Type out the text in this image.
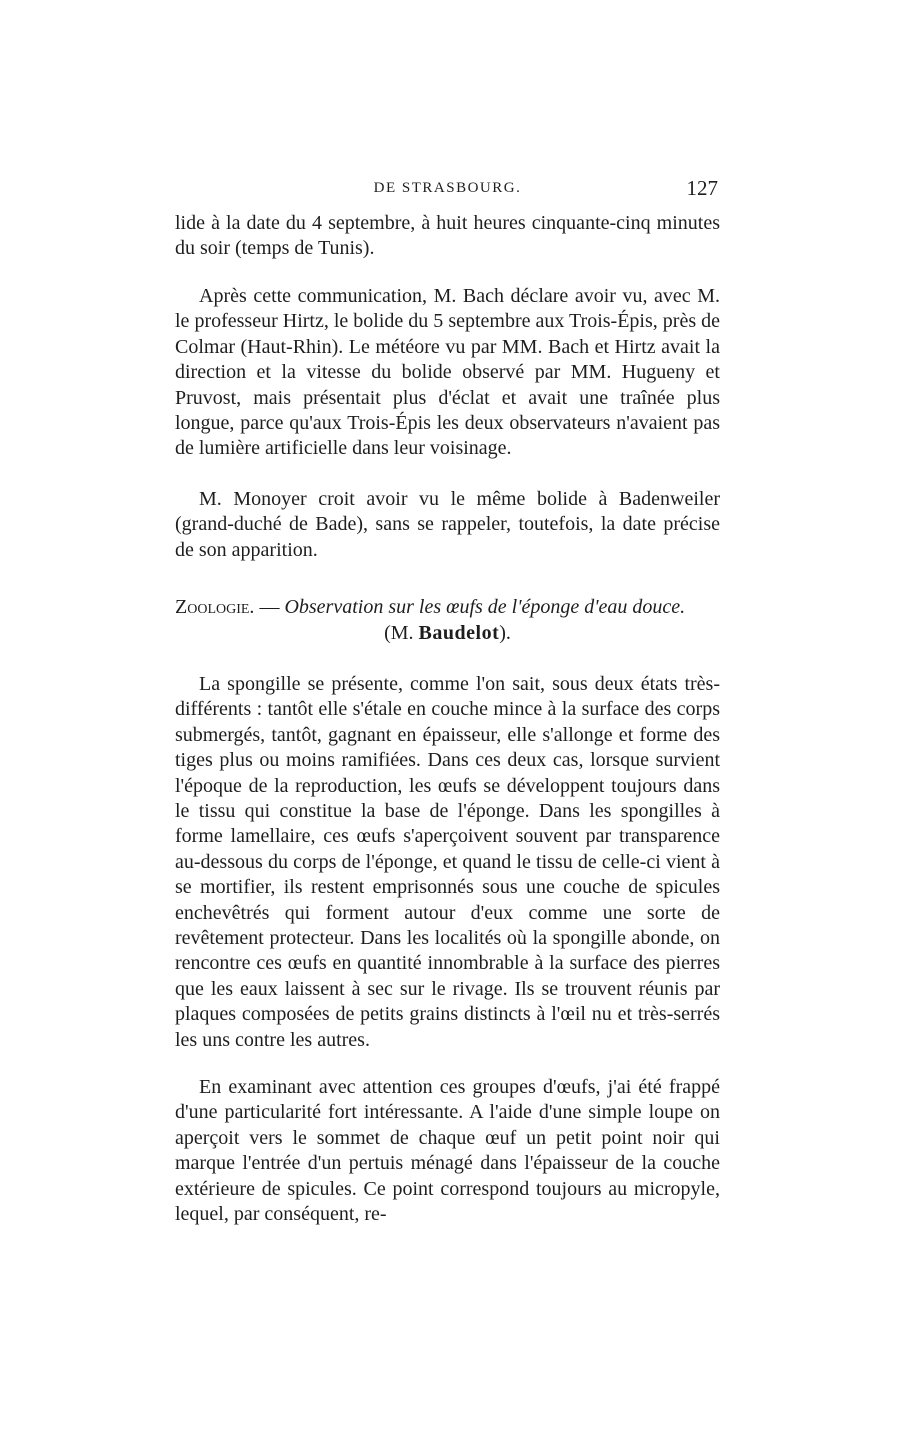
DE STRASBOURG.	127

lide à la date du 4 septembre, à huit heures cinquante-cinq minutes du soir (temps de Tunis).

Après cette communication, M. Bach déclare avoir vu, avec M. le professeur Hirtz, le bolide du 5 septembre aux Trois-Épis, près de Colmar (Haut-Rhin). Le météore vu par MM. Bach et Hirtz avait la direction et la vitesse du bolide observé par MM. Hugueny et Pruvost, mais présentait plus d'éclat et avait une traînée plus longue, parce qu'aux Trois-Épis les deux observateurs n'avaient pas de lumière artificielle dans leur voisinage.

M. Monoyer croit avoir vu le même bolide à Badenweiler (grand-duché de Bade), sans se rappeler, toutefois, la date précise de son apparition.

Zoologie. — Observation sur les œufs de l'éponge d'eau douce.
(M. Baudelot).

La spongille se présente, comme l'on sait, sous deux états très-différents : tantôt elle s'étale en couche mince à la surface des corps submergés, tantôt, gagnant en épaisseur, elle s'allonge et forme des tiges plus ou moins ramifiées. Dans ces deux cas, lorsque survient l'époque de la reproduction, les œufs se développent toujours dans le tissu qui constitue la base de l'éponge. Dans les spongilles à forme lamellaire, ces œufs s'aperçoivent souvent par transparence au-dessous du corps de l'éponge, et quand le tissu de celle-ci vient à se mortifier, ils restent emprisonnés sous une couche de spicules enchevêtrés qui forment autour d'eux comme une sorte de revêtement protecteur. Dans les localités où la spongille abonde, on rencontre ces œufs en quantité innombrable à la surface des pierres que les eaux laissent à sec sur le rivage. Ils se trouvent réunis par plaques composées de petits grains distincts à l'œil nu et très-serrés les uns contre les autres.

En examinant avec attention ces groupes d'œufs, j'ai été frappé d'une particularité fort intéressante. A l'aide d'une simple loupe on aperçoit vers le sommet de chaque œuf un petit point noir qui marque l'entrée d'un pertuis ménagé dans l'épaisseur de la couche extérieure de spicules. Ce point correspond toujours au micropyle, lequel, par conséquent, re-
